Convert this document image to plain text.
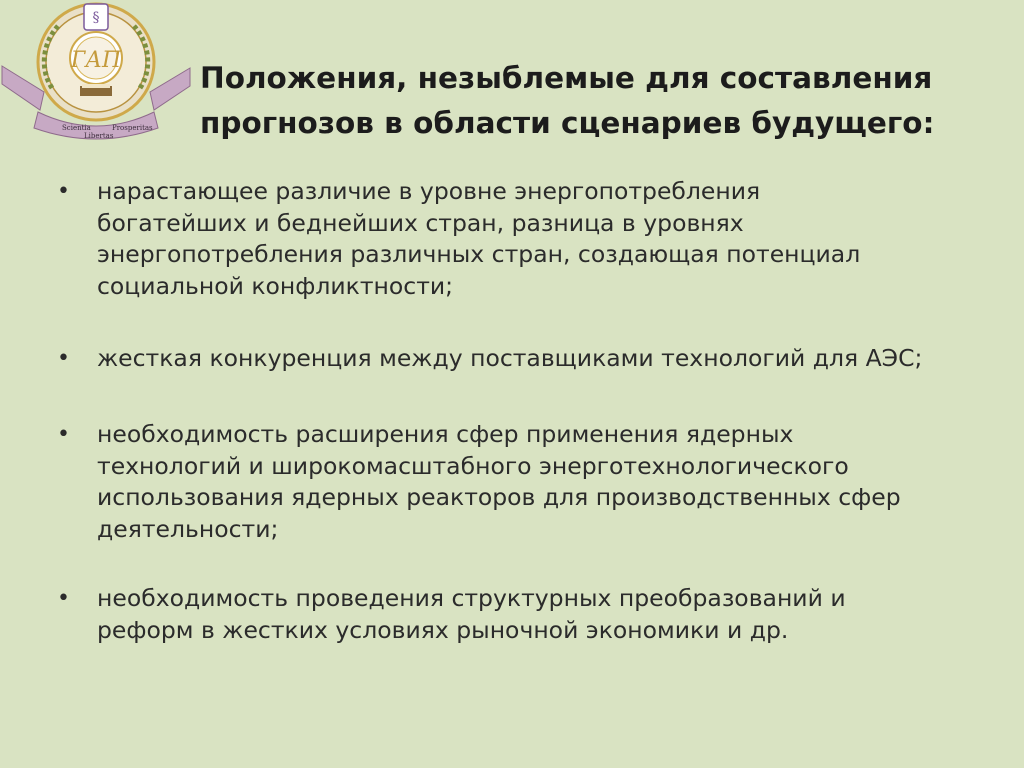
§
ГАП
Scientia
Libertas
Prosperitas
Положения, незыблемые для составления
прогнозов в области сценариев будущего:
• нарастающее различие в уровне энергопотребления
богатейших и беднейших стран, разница в уровнях
энергопотребления различных стран, создающая потенциал
социальной конфликтности;
• жесткая конкуренция между поставщиками технологий для АЭС;
• необходимость расширения сфер применения ядерных
технологий и широкомасштабного энерготехнологического
использования ядерных реакторов для производственных сфер
деятельности;
• необходимость проведения структурных преобразований и
реформ в жестких условиях рыночной экономики и др.
